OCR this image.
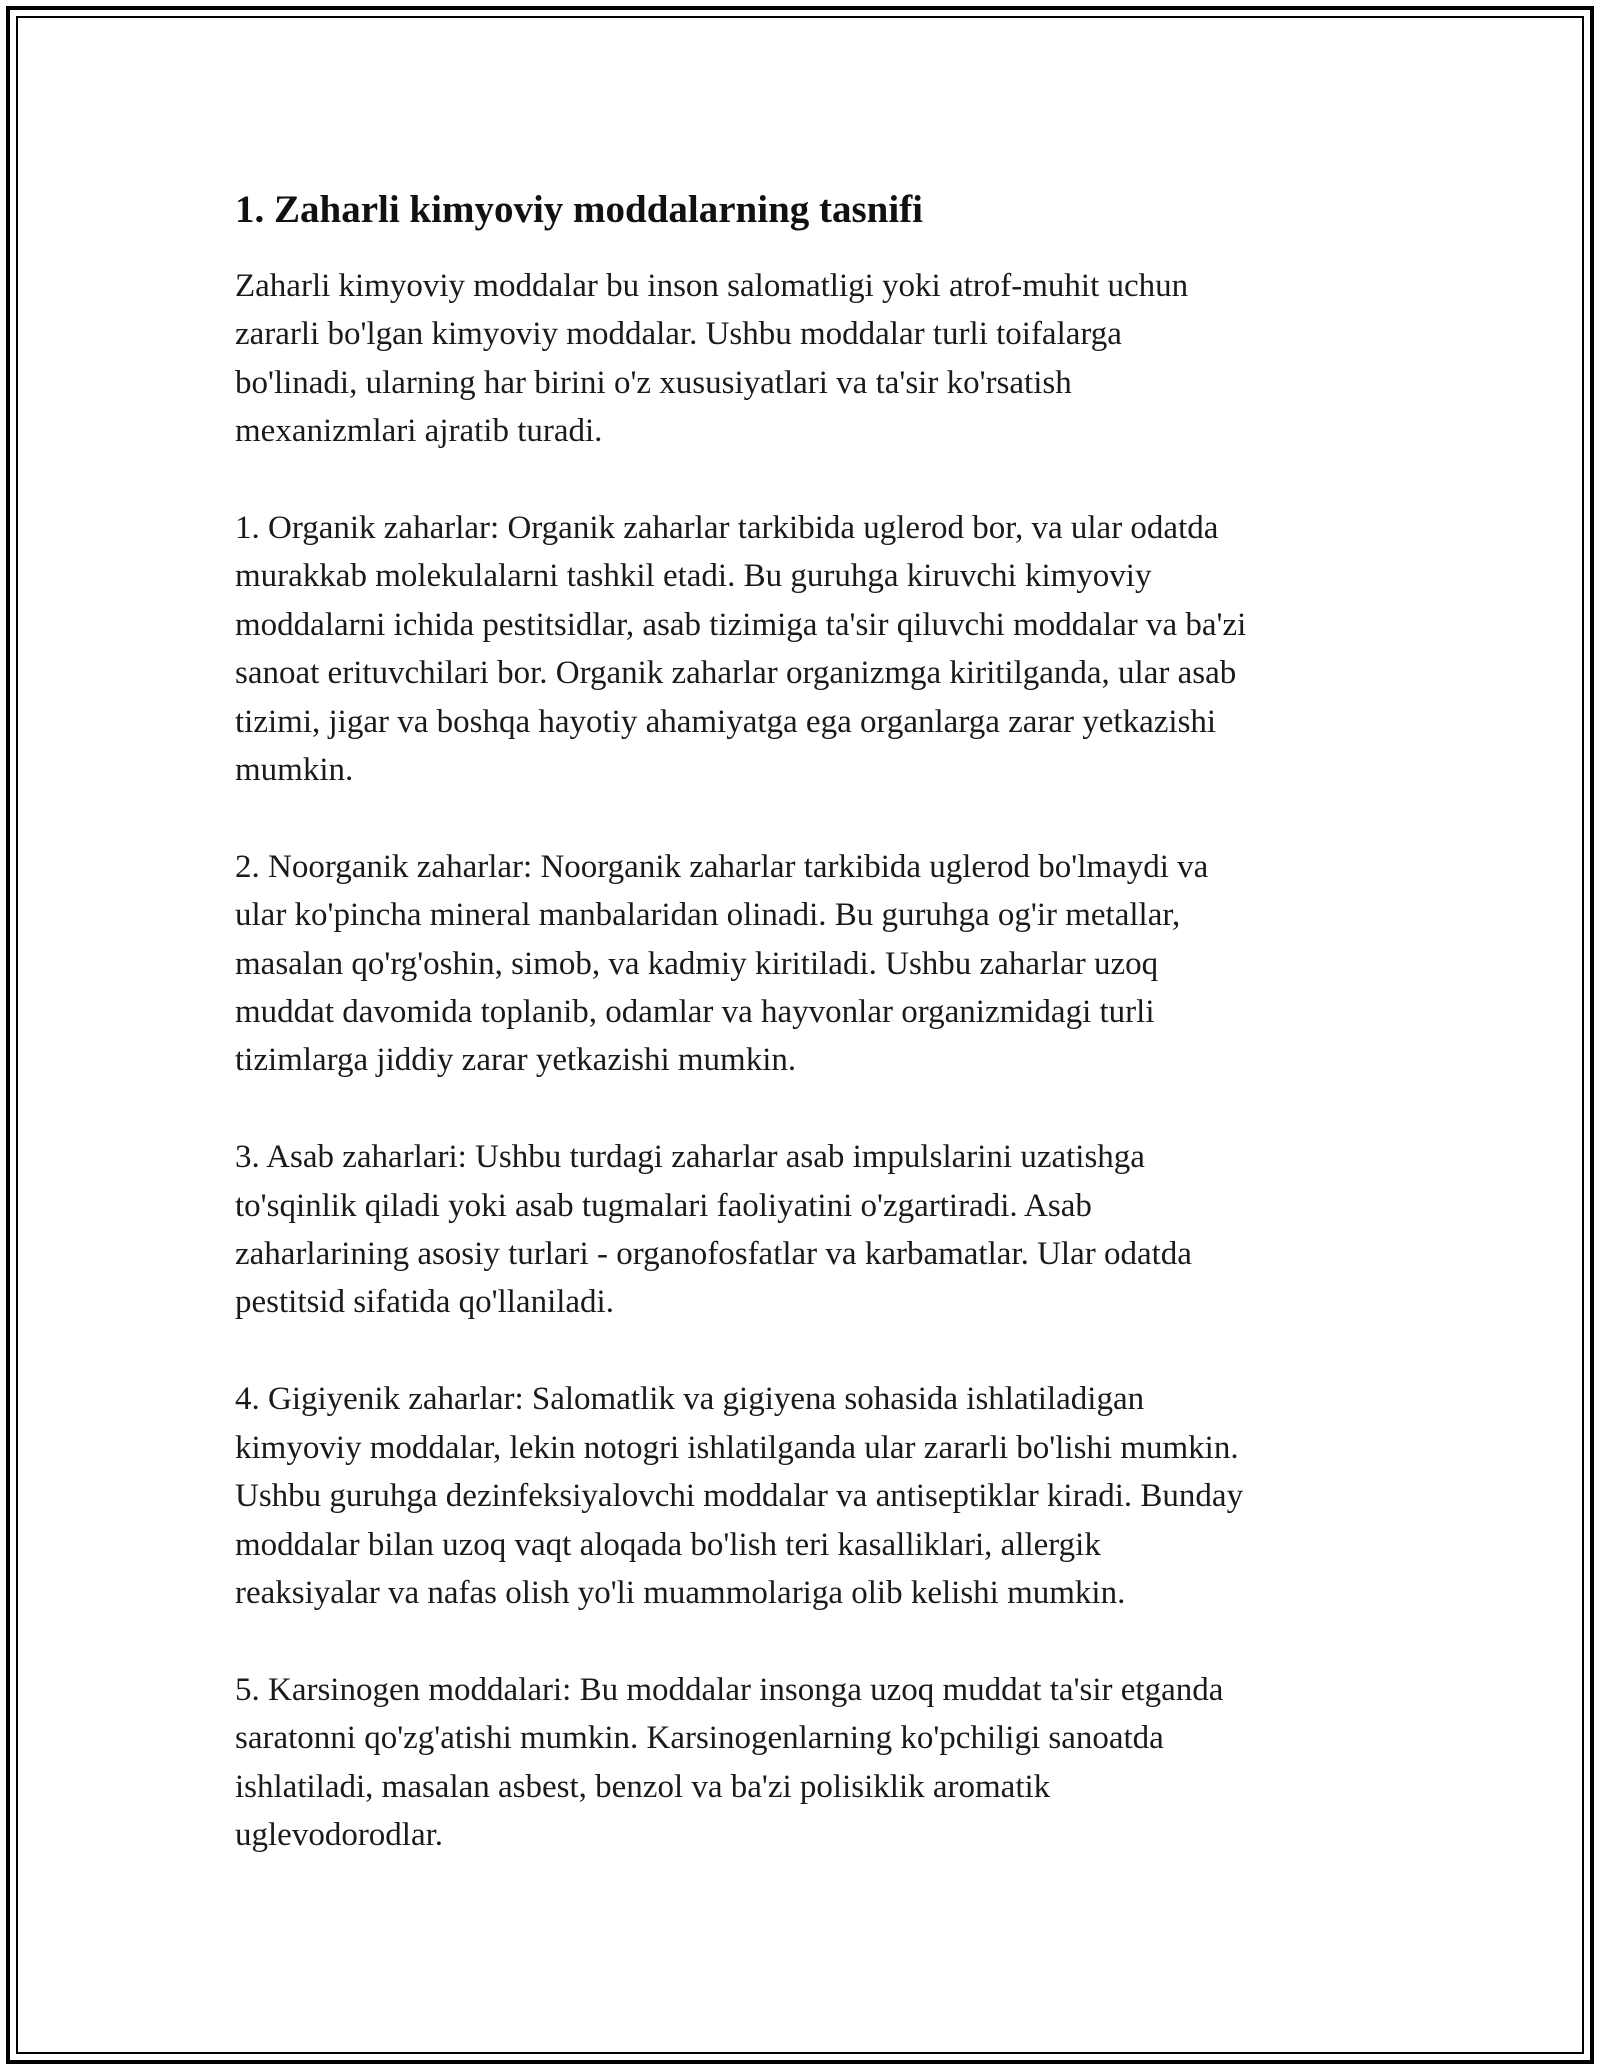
1. Zaharli kimyoviy moddalarning tasnifi

Zaharli kimyoviy moddalar bu inson salomatligi yoki atrof-muhit uchun
zararli bo'lgan kimyoviy moddalar. Ushbu moddalar turli toifalarga
bo'linadi, ularning har birini o'z xususiyatlari va ta'sir ko'rsatish
mexanizmlari ajratib turadi.

1. Organik zaharlar: Organik zaharlar tarkibida uglerod bor, va ular odatda
murakkab molekulalarni tashkil etadi. Bu guruhga kiruvchi kimyoviy
moddalarni ichida pestitsidlar, asab tizimiga ta'sir qiluvchi moddalar va ba'zi
sanoat erituvchilari bor. Organik zaharlar organizmga kiritilganda, ular asab
tizimi, jigar va boshqa hayotiy ahamiyatga ega organlarga zarar yetkazishi
mumkin.

2. Noorganik zaharlar: Noorganik zaharlar tarkibida uglerod bo'lmaydi va
ular ko'pincha mineral manbalaridan olinadi. Bu guruhga og'ir metallar,
masalan qo'rg'oshin, simob, va kadmiy kiritiladi. Ushbu zaharlar uzoq
muddat davomida toplanib, odamlar va hayvonlar organizmidagi turli
tizimlarga jiddiy zarar yetkazishi mumkin.

3. Asab zaharlari: Ushbu turdagi zaharlar asab impulslarini uzatishga
to'sqinlik qiladi yoki asab tugmalari faoliyatini o'zgartiradi. Asab
zaharlarining asosiy turlari - organofosfatlar va karbamatlar. Ular odatda
pestitsid sifatida qo'llaniladi.

4. Gigiyenik zaharlar: Salomatlik va gigiyena sohasida ishlatiladigan
kimyoviy moddalar, lekin notogri ishlatilganda ular zararli bo'lishi mumkin.
Ushbu guruhga dezinfeksiyalovchi moddalar va antiseptiklar kiradi. Bunday
moddalar bilan uzoq vaqt aloqada bo'lish teri kasalliklari, allergik
reaksiyalar va nafas olish yo'li muammolariga olib kelishi mumkin.

5. Karsinogen moddalari: Bu moddalar insonga uzoq muddat ta'sir etganda
saratonni qo'zg'atishi mumkin. Karsinogenlarning ko'pchiligi sanoatda
ishlatiladi, masalan asbest, benzol va ba'zi polisiklik aromatik
uglevodorodlar.
